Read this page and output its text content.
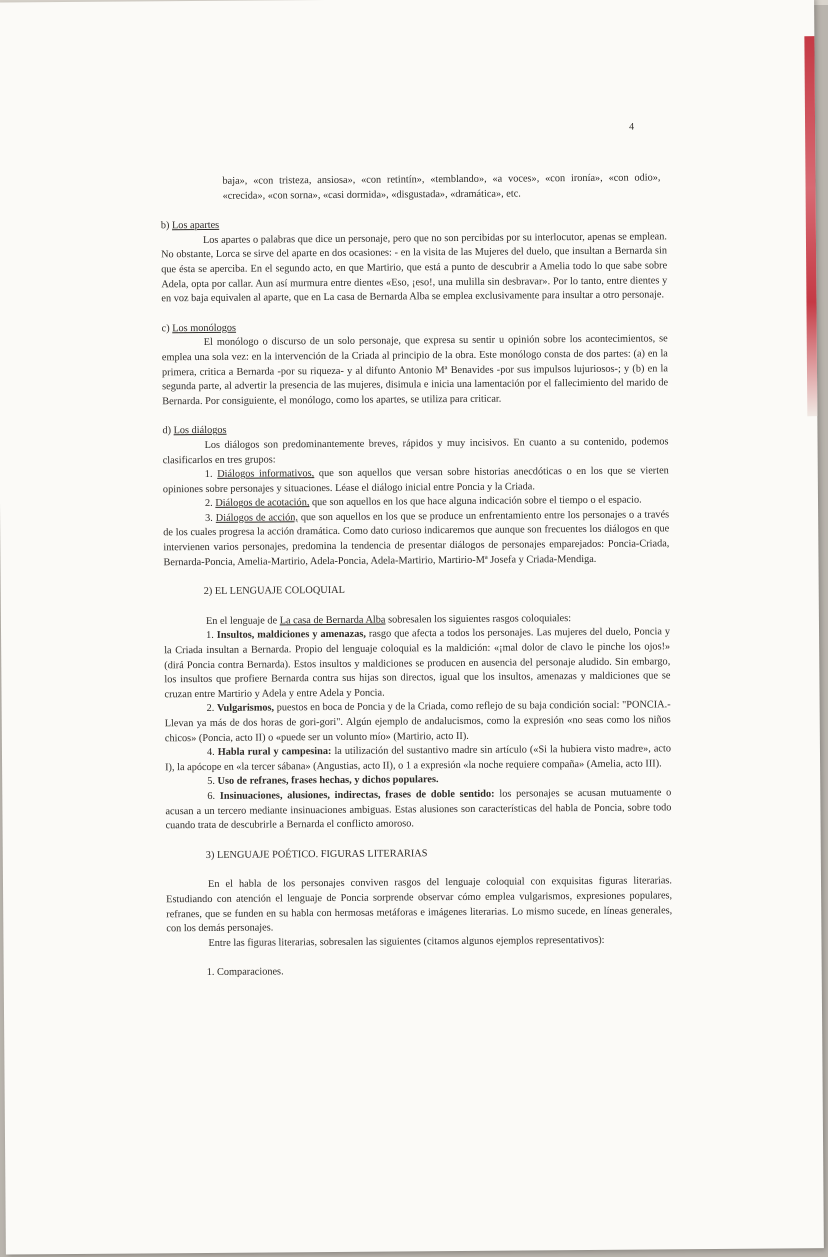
4

baja», «con tristeza, ansiosa», «con retintín», «temblando», «a voces», «con ironía», «con odio», «crecida», «con sorna», «casi dormida», «disgustada», «dramática», etc.

b) Los apartes

Los apartes o palabras que dice un personaje, pero que no son percibidas por su interlocutor, apenas se emplean. No obstante, Lorca se sirve del aparte en dos ocasiones: - en la visita de las Mujeres del duelo, que insultan a Bernarda sin que ésta se aperciba. En el segundo acto, en que Martirio, que está a punto de descubrir a Amelia todo lo que sabe sobre Adela, opta por callar. Aun así murmura entre dientes «Eso, ¡eso!, una mulilla sin desbravar». Por lo tanto, entre dientes y en voz baja equivalen al aparte, que en La casa de Bernarda Alba se emplea exclusivamente para insultar a otro personaje.

c) Los monólogos

El monólogo o discurso de un solo personaje, que expresa su sentir u opinión sobre los acontecimientos, se emplea una sola vez: en la intervención de la Criada al principio de la obra. Este monólogo consta de dos partes: (a) en la primera, critica a Bernarda -por su riqueza- y al difunto Antonio Mª Benavides -por sus impulsos lujuriosos-; y (b) en la segunda parte, al advertir la presencia de las mujeres, disimula e inicia una lamentación por el fallecimiento del marido de Bernarda. Por consiguiente, el monólogo, como los apartes, se utiliza para criticar.

d) Los diálogos

Los diálogos son predominantemente breves, rápidos y muy incisivos. En cuanto a su contenido, podemos clasificarlos en tres grupos:

1. Diálogos informativos, que son aquellos que versan sobre historias anecdóticas o en los que se vierten opiniones sobre personajes y situaciones. Léase el diálogo inicial entre Poncia y la Criada.

2. Diálogos de acotación, que son aquellos en los que hace alguna indicación sobre el tiempo o el espacio.

3. Diálogos de acción, que son aquellos en los que se produce un enfrentamiento entre los personajes o a través de los cuales progresa la acción dramática. Como dato curioso indicaremos que aunque son frecuentes los diálogos en que intervienen varios personajes, predomina la tendencia de presentar diálogos de personajes emparejados: Poncia-Criada, Bernarda-Poncia, Amelia-Martirio, Adela-Poncia, Adela-Martirio, Martirio-Mª Josefa y Criada-Mendiga.

2) EL LENGUAJE COLOQUIAL

En el lenguaje de La casa de Bernarda Alba sobresalen los siguientes rasgos coloquiales:

1. Insultos, maldiciones y amenazas, rasgo que afecta a todos los personajes. Las mujeres del duelo, Poncia y la Criada insultan a Bernarda. Propio del lenguaje coloquial es la maldición: «¡mal dolor de clavo le pinche los ojos!» (dirá Poncia contra Bernarda). Estos insultos y maldiciones se producen en ausencia del personaje aludido. Sin embargo, los insultos que profiere Bernarda contra sus hijas son directos, igual que los insultos, amenazas y maldiciones que se cruzan entre Martirio y Adela y entre Adela y Poncia.

2. Vulgarismos, puestos en boca de Poncia y de la Criada, como reflejo de su baja condición social: "PONCIA.-Llevan ya más de dos horas de gori-gori". Algún ejemplo de andalucismos, como la expresión «no seas como los niños chicos» (Poncia, acto II) o «puede ser un volunto mío» (Martirio, acto II).

4. Habla rural y campesina: la utilización del sustantivo madre sin artículo («Si la hubiera visto madre», acto I), la apócope en «la tercer sábana» (Angustias, acto II), o 1 a expresión «la noche requiere compaña» (Amelia, acto III).

5. Uso de refranes, frases hechas, y dichos populares.

6. Insinuaciones, alusiones, indirectas, frases de doble sentido: los personajes se acusan mutuamente o acusan a un tercero mediante insinuaciones ambiguas. Estas alusiones son características del habla de Poncia, sobre todo cuando trata de descubrirle a Bernarda el conflicto amoroso.

3) LENGUAJE POÉTICO. FIGURAS LITERARIAS

En el habla de los personajes conviven rasgos del lenguaje coloquial con exquisitas figuras literarias. Estudiando con atención el lenguaje de Poncia sorprende observar cómo emplea vulgarismos, expresiones populares, refranes, que se funden en su habla con hermosas metáforas e imágenes literarias. Lo mismo sucede, en líneas generales, con los demás personajes.

Entre las figuras literarias, sobresalen las siguientes (citamos algunos ejemplos representativos):

1. Comparaciones.
